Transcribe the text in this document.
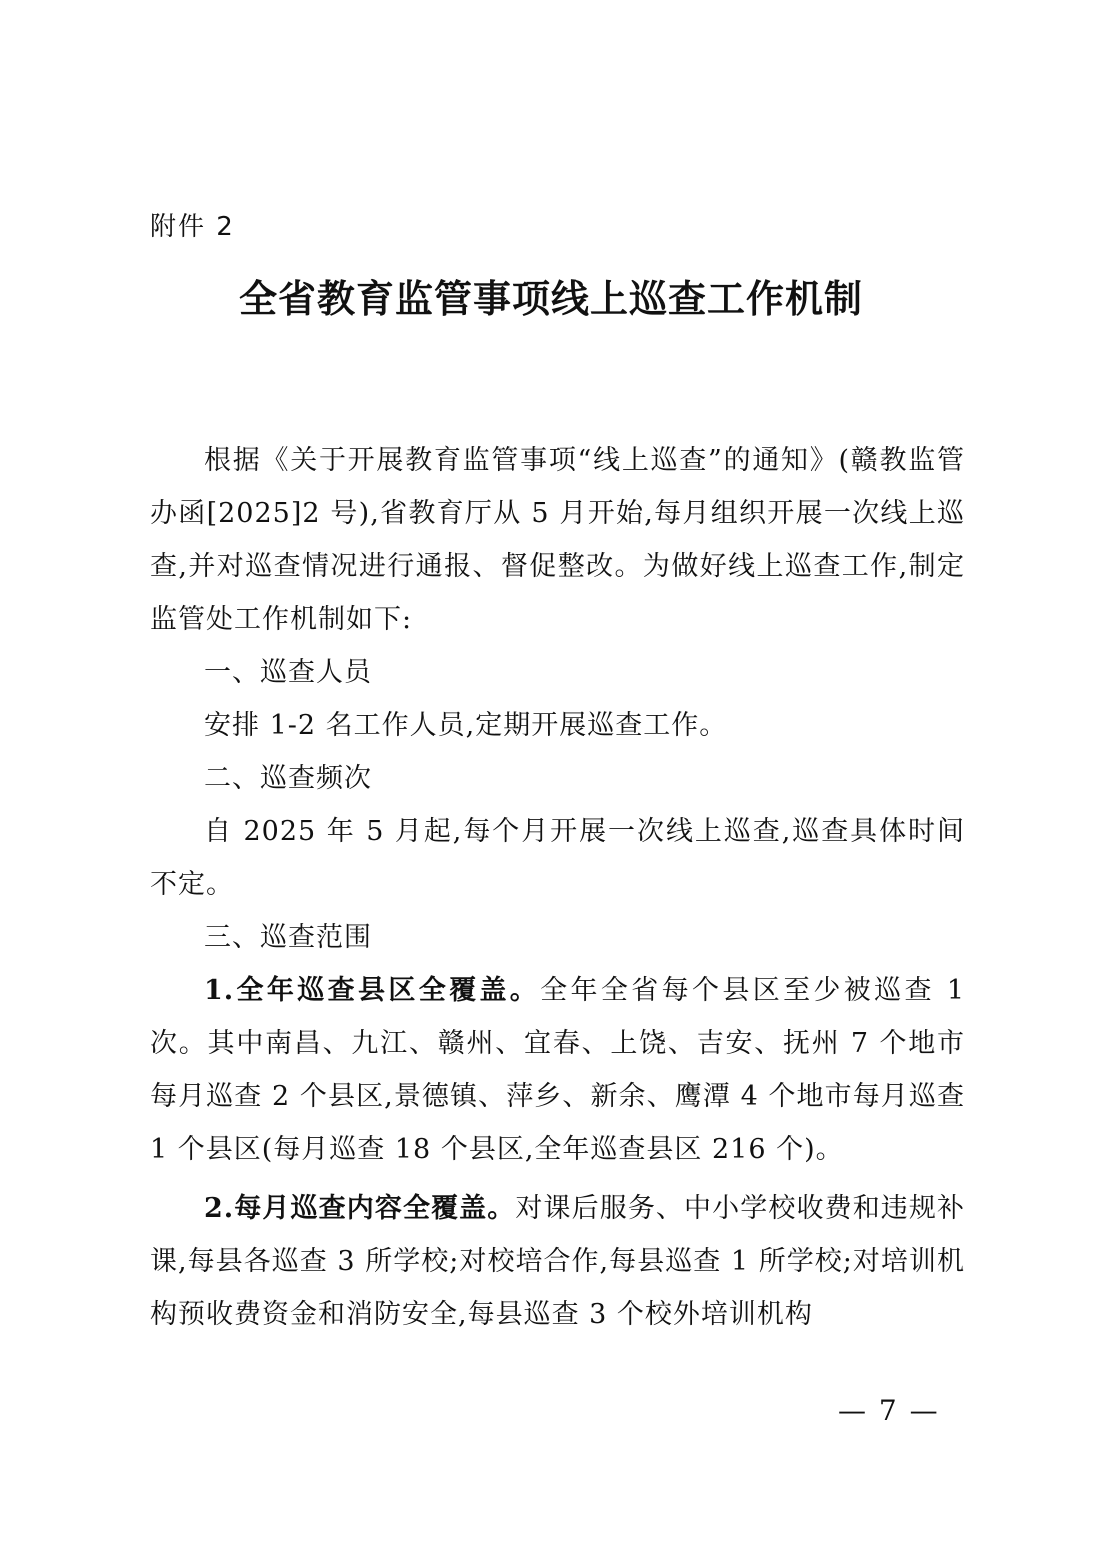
附件 2
全省教育监管事项线上巡查工作机制

根据《关于开展教育监管事项“线上巡查”的通知》(赣教监管办函[2025]2 号),省教育厅从 5 月开始,每月组织开展一次线上巡查,并对巡查情况进行通报、督促整改。为做好线上巡查工作,制定监管处工作机制如下:

一、巡查人员

安排 1-2 名工作人员,定期开展巡查工作。

二、巡查频次

自 2025 年 5 月起,每个月开展一次线上巡查,巡查具体时间不定。

三、巡查范围

1.全年巡查县区全覆盖。全年全省每个县区至少被巡查 1 次。其中南昌、九江、赣州、宜春、上饶、吉安、抚州 7 个地市每月巡查 2 个县区,景德镇、萍乡、新余、鹰潭 4 个地市每月巡查 1 个县区(每月巡查 18 个县区,全年巡查县区 216 个)。

2.每月巡查内容全覆盖。对课后服务、中小学校收费和违规补课,每县各巡查 3 所学校;对校培合作,每县巡查 1 所学校;对培训机构预收费资金和消防安全,每县巡查 3 个校外培训机构

— 7 —
